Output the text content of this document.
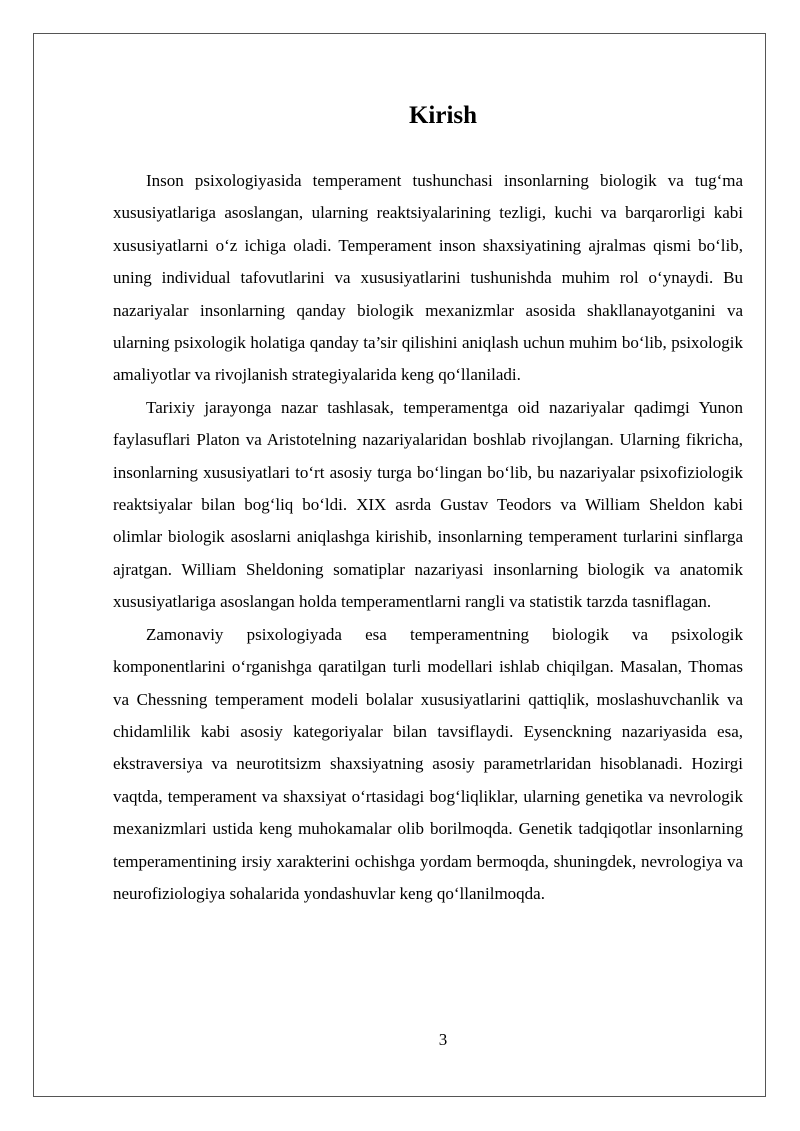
Kirish

Inson psixologiyasida temperament tushunchasi insonlarning biologik va tug‘ma xususiyatlariga asoslangan, ularning reaktsiyalarining tezligi, kuchi va barqarorligi kabi xususiyatlarni o‘z ichiga oladi. Temperament inson shaxsiyatining ajralmas qismi bo‘lib, uning individual tafovutlarini va xususiyatlarini tushunishda muhim rol o‘ynaydi. Bu nazariyalar insonlarning qanday biologik mexanizmlar asosida shakllanayotganini va ularning psixologik holatiga qanday ta’sir qilishini aniqlash uchun muhim bo‘lib, psixologik amaliyotlar va rivojlanish strategiyalarida keng qo‘llaniladi.

Tarixiy jarayonga nazar tashlasak, temperamentga oid nazariyalar qadimgi Yunon faylasuflari Platon va Aristotelning nazariyalaridan boshlab rivojlangan. Ularning fikricha, insonlarning xususiyatlari to‘rt asosiy turga bo‘lingan bo‘lib, bu nazariyalar psixofiziologik reaktsiyalar bilan bog‘liq bo‘ldi. XIX asrda Gustav Teodors va William Sheldon kabi olimlar biologik asoslarni aniqlashga kirishib, insonlarning temperament turlarini sinflarga ajratgan. William Sheldoning somatiplar nazariyasi insonlarning biologik va anatomik xususiyatlariga asoslangan holda temperamentlarni rangli va statistik tarzda tasniflagan.

Zamonaviy psixologiyada esa temperamentning biologik va psixologik komponentlarini o‘rganishga qaratilgan turli modellari ishlab chiqilgan. Masalan, Thomas va Chessning temperament modeli bolalar xususiyatlarini qattiqlik, moslashuvchanlik va chidamlilik kabi asosiy kategoriyalar bilan tavsiflaydi. Eysenckning nazariyasida esa, ekstraversiya va neurotitsizm shaxsiyatning asosiy parametrlaridan hisoblanadi. Hozirgi vaqtda, temperament va shaxsiyat o‘rtasidagi bog‘liqliklar, ularning genetika va nevrologik mexanizmlari ustida keng muhokamalar olib borilmoqda. Genetik tadqiqotlar insonlarning temperamentining irsiy xarakterini ochishga yordam bermoqda, shuningdek, nevrologiya va neurofiziologiya sohalarida yondashuvlar keng qo‘llanilmoqda.

3
